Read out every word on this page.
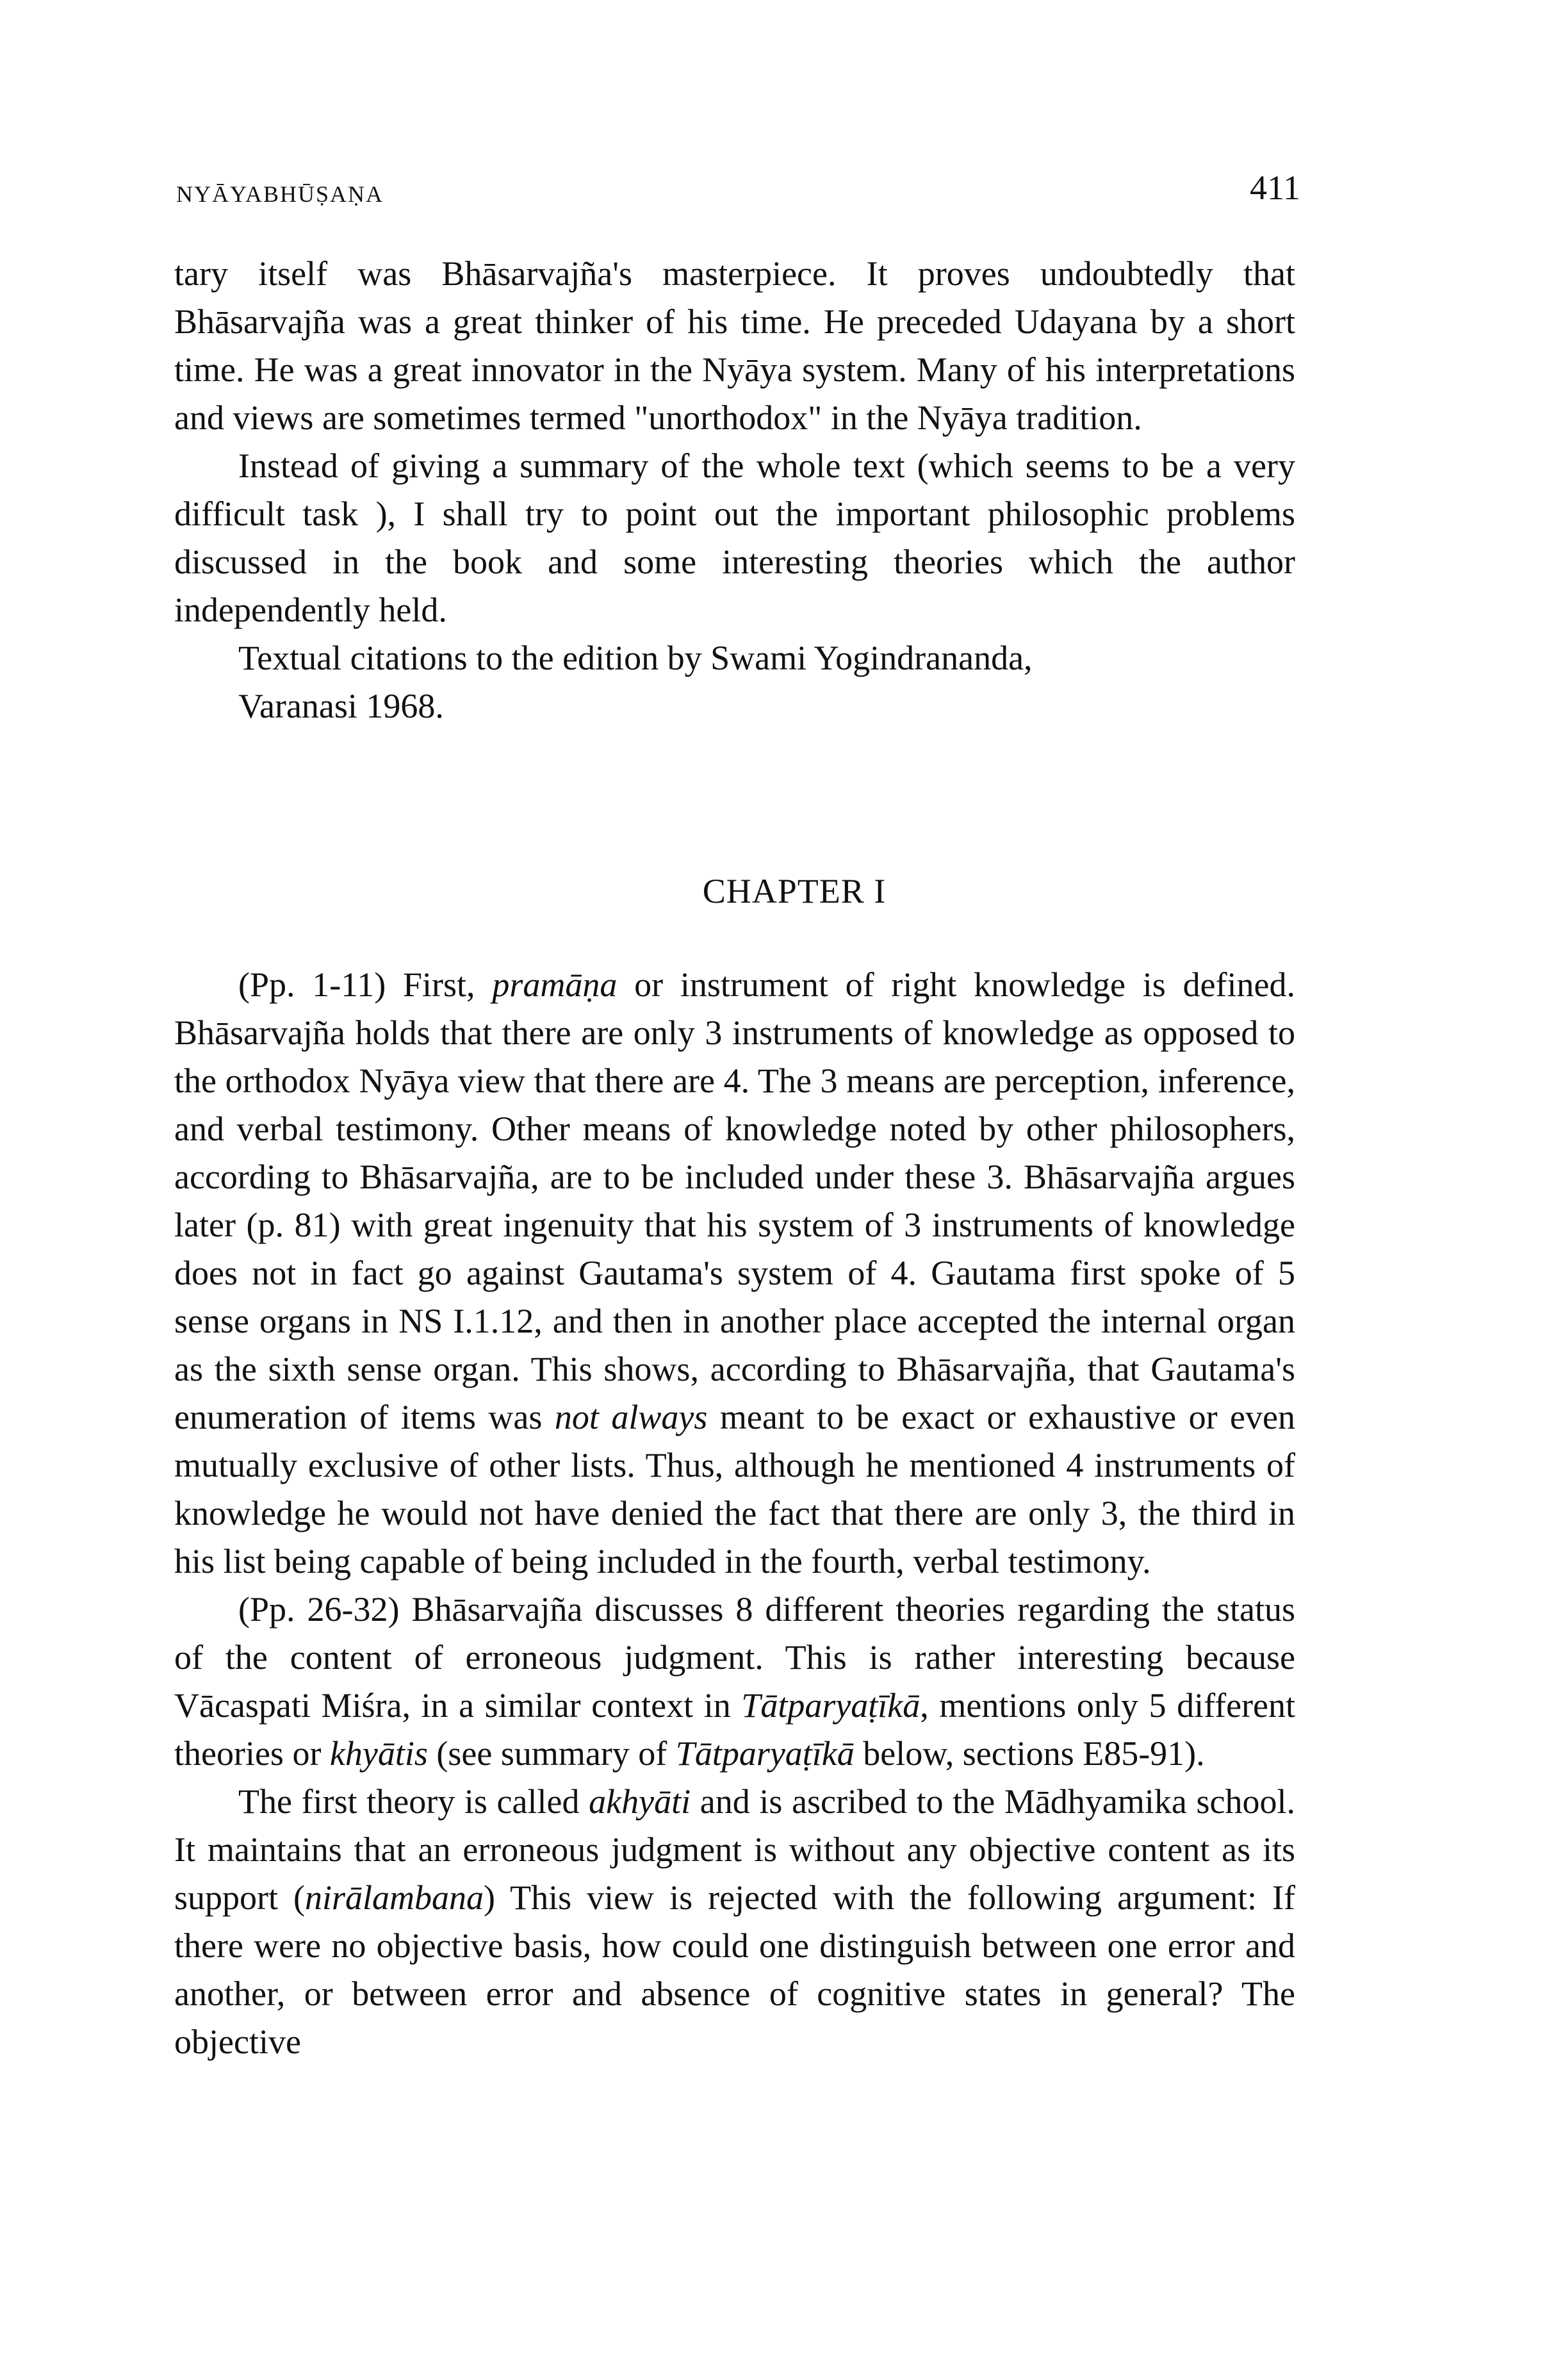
NYĀYABHŪṢAṆA	411

tary itself was Bhāsarvajña's masterpiece. It proves undoubtedly that Bhāsarvajña was a great thinker of his time. He preceded Udayana by a short time. He was a great innovator in the Nyāya system. Many of his interpretations and views are sometimes termed "unorthodox" in the Nyāya tradition.

Instead of giving a summary of the whole text (which seems to be a very difficult task ), I shall try to point out the important philosophic problems discussed in the book and some interesting theories which the author independently held.

Textual citations to the edition by Swami Yogindrananda,
Varanasi 1968.

CHAPTER I

(Pp. 1-11) First, pramāṇa or instrument of right knowledge is defined. Bhāsarvajña holds that there are only 3 instruments of knowledge as opposed to the orthodox Nyāya view that there are 4. The 3 means are perception, inference, and verbal testimony. Other means of knowledge noted by other philosophers, according to Bhāsarvajña, are to be included under these 3. Bhāsarvajña argues later (p. 81) with great ingenuity that his system of 3 instruments of knowledge does not in fact go against Gautama's system of 4. Gautama first spoke of 5 sense organs in NS I.1.12, and then in another place accepted the internal organ as the sixth sense organ. This shows, according to Bhāsarvajña, that Gautama's enumeration of items was not always meant to be exact or exhaustive or even mutually exclusive of other lists. Thus, although he mentioned 4 instruments of knowledge he would not have denied the fact that there are only 3, the third in his list being capable of being included in the fourth, verbal testimony.

(Pp. 26-32) Bhāsarvajña discusses 8 different theories regarding the status of the content of erroneous judgment. This is rather interesting because Vācaspati Miśra, in a similar context in Tātparyaṭīkā, mentions only 5 different theories or khyātis (see summary of Tātparyaṭīkā below, sections E85-91).

The first theory is called akhyāti and is ascribed to the Mādhyamika school. It maintains that an erroneous judgment is without any objective content as its support (nirālambana) This view is rejected with the following argument: If there were no objective basis, how could one distinguish between one error and another, or between error and absence of cognitive states in general? The objective
